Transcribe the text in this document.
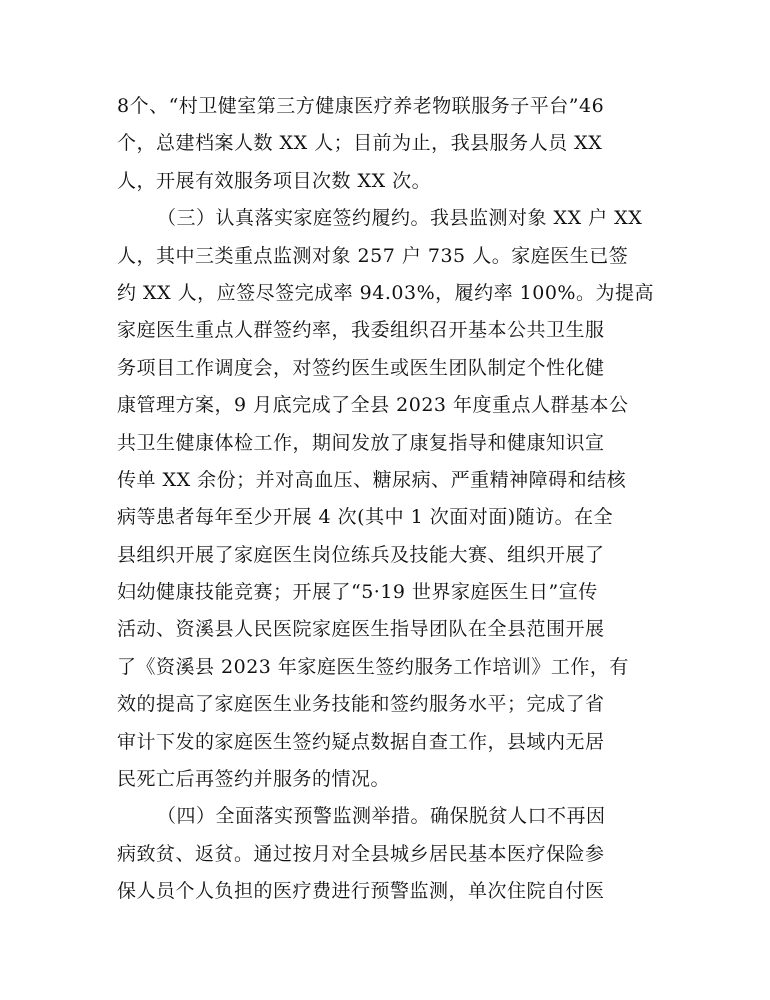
8个、“村卫健室第三方健康医疗养老物联服务子平台”46
个，总建档案人数 XX 人；目前为止，我县服务人员 XX
人，开展有效服务项目次数 XX 次。
（三）认真落实家庭签约履约。我县监测对象 XX 户 XX
人，其中三类重点监测对象 257 户 735 人。家庭医生已签
约 XX 人，应签尽签完成率 94.03%，履约率 100%。为提高
家庭医生重点人群签约率，我委组织召开基本公共卫生服
务项目工作调度会，对签约医生或医生团队制定个性化健
康管理方案，9 月底完成了全县 2023 年度重点人群基本公
共卫生健康体检工作，期间发放了康复指导和健康知识宣
传单 XX 余份；并对高血压、糖尿病、严重精神障碍和结核
病等患者每年至少开展 4 次(其中 1 次面对面)随访。在全
县组织开展了家庭医生岗位练兵及技能大赛、组织开展了
妇幼健康技能竞赛；开展了“5·19 世界家庭医生日”宣传
活动、资溪县人民医院家庭医生指导团队在全县范围开展
了《资溪县 2023 年家庭医生签约服务工作培训》工作，有
效的提高了家庭医生业务技能和签约服务水平；完成了省
审计下发的家庭医生签约疑点数据自查工作，县域内无居
民死亡后再签约并服务的情况。
（四）全面落实预警监测举措。确保脱贫人口不再因
病致贫、返贫。通过按月对全县城乡居民基本医疗保险参
保人员个人负担的医疗费进行预警监测，单次住院自付医
